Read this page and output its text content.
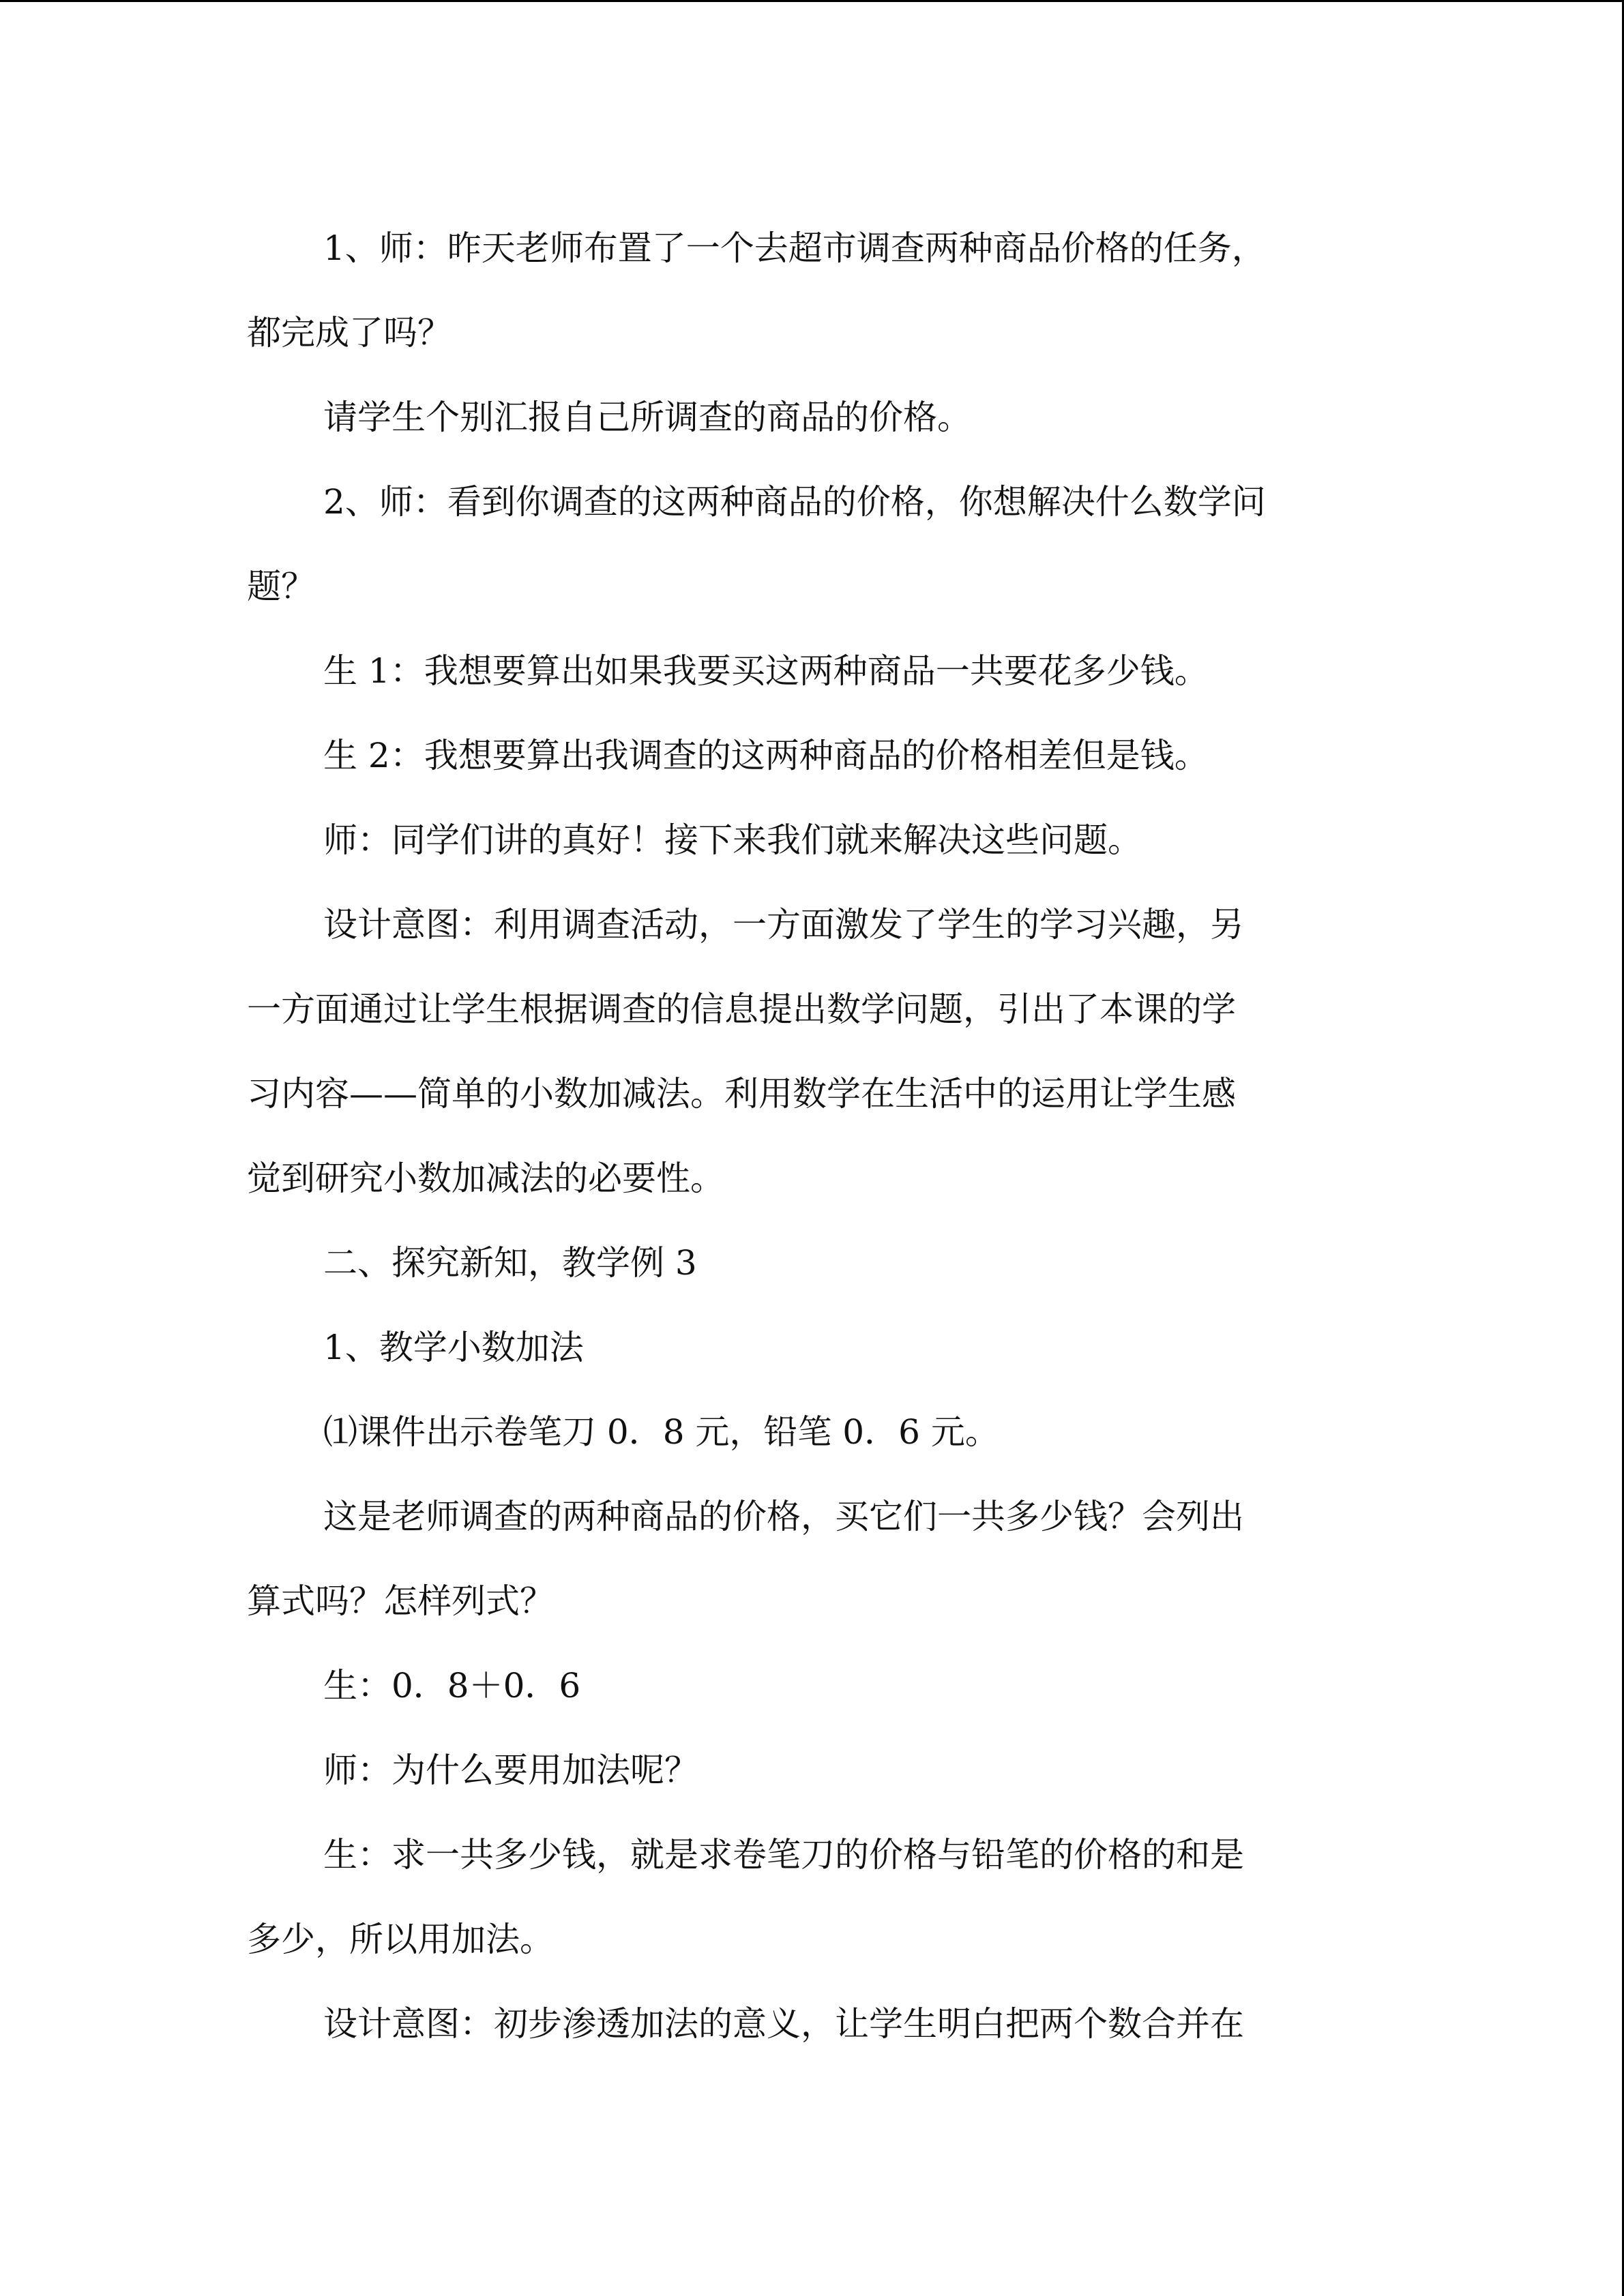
1、师：昨天老师布置了一个去超市调查两种商品价格的任务，
都完成了吗？
请学生个别汇报自己所调查的商品的价格。
2、师：看到你调查的这两种商品的价格，你想解决什么数学问
题？
生 1：我想要算出如果我要买这两种商品一共要花多少钱。
生 2：我想要算出我调查的这两种商品的价格相差但是钱。
师：同学们讲的真好！接下来我们就来解决这些问题。
设计意图：利用调查活动，一方面激发了学生的学习兴趣，另
一方面通过让学生根据调查的信息提出数学问题，引出了本课的学
习内容——简单的小数加减法。利用数学在生活中的运用让学生感
觉到研究小数加减法的必要性。
二、探究新知，教学例 3
1、教学小数加法
⑴课件出示卷笔刀 0．8 元，铅笔 0．6 元。
这是老师调查的两种商品的价格，买它们一共多少钱？会列出
算式吗？怎样列式？
生：0．8＋0．6
师：为什么要用加法呢？
生：求一共多少钱，就是求卷笔刀的价格与铅笔的价格的和是
多少，所以用加法。
设计意图：初步渗透加法的意义，让学生明白把两个数合并在
